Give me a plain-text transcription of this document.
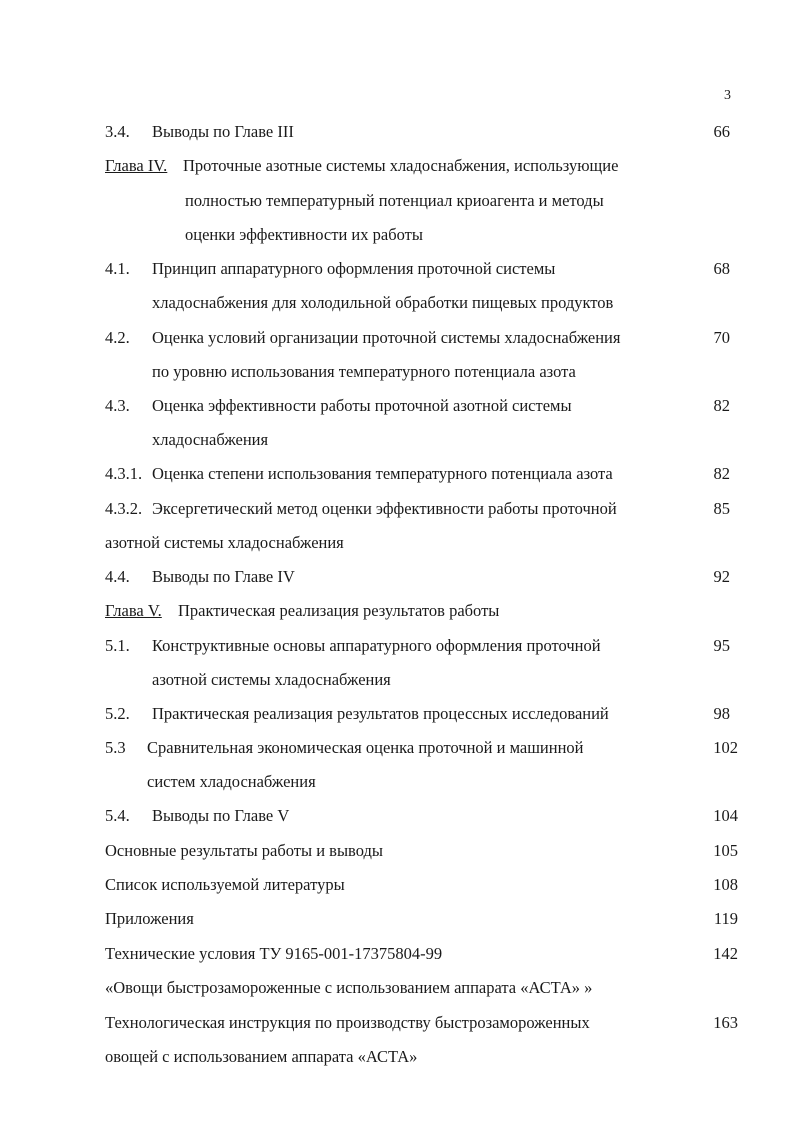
3
3.4. Выводы по Главе III	66
Глава IV. Проточные азотные системы хладоснабжения, использующие
полностью температурный потенциал криоагента и методы
оценки эффективности их работы
4.1. Принцип аппаратурного оформления проточной системы	68
хладоснабжения для холодильной обработки пищевых продуктов
4.2. Оценка условий организации проточной системы хладоснабжения	70
по уровню использования температурного потенциала азота
4.3. Оценка эффективности работы проточной азотной системы	82
хладоснабжения
4.3.1. Оценка степени использования температурного потенциала азота	82
4.3.2. Эксергетический метод оценки эффективности работы проточной	85
азотной системы хладоснабжения
4.4. Выводы по Главе IV	92
Глава V. Практическая реализация результатов работы
5.1. Конструктивные основы аппаратурного оформления проточной	95
азотной системы хладоснабжения
5.2. Практическая реализация результатов процессных исследований	98
5.3 Сравнительная экономическая оценка проточной и машинной	102
систем хладоснабжения
5.4. Выводы по Главе V	104
Основные результаты работы и выводы	105
Список используемой литературы	108
Приложения	119
Технические условия ТУ 9165-001-17375804-99	142
«Овощи быстрозамороженные с использованием аппарата «АСТА» »
Технологическая инструкция по производству быстрозамороженных	163
овощей с использованием аппарата «АСТА»
